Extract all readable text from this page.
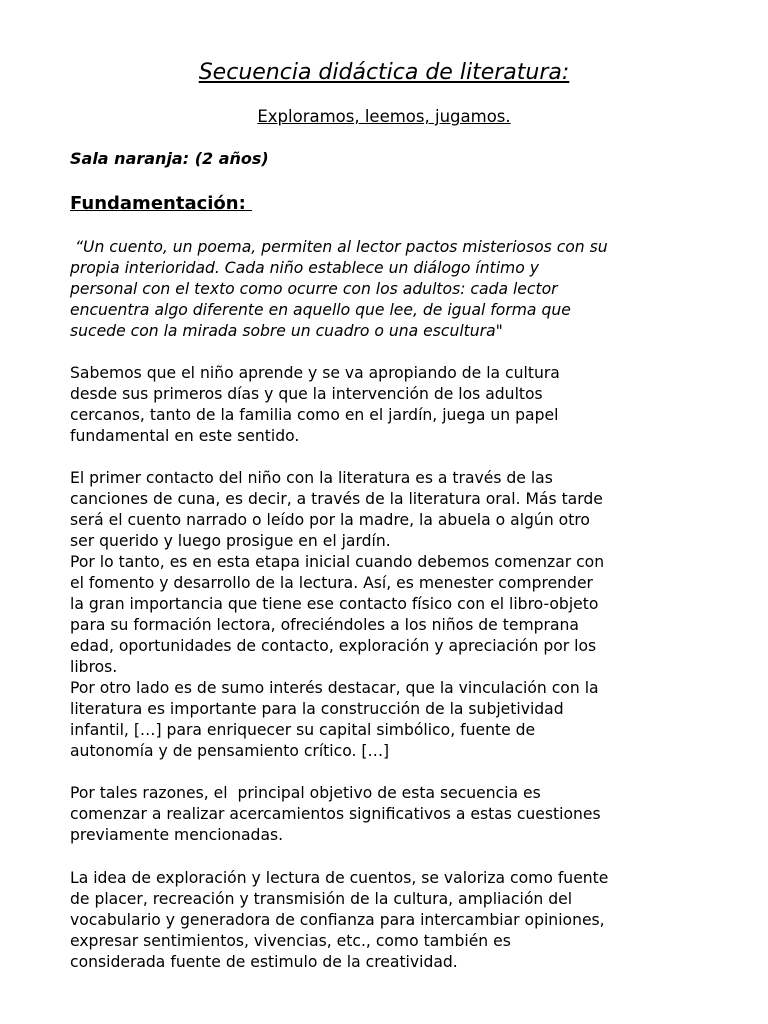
Secuencia didáctica de literatura:
Exploramos, leemos, jugamos.
Sala naranja: (2 años)
Fundamentación:
“Un cuento, un poema, permiten al lector pactos misteriosos con su
propia interioridad. Cada niño establece un diálogo íntimo y
personal con el texto como ocurre con los adultos: cada lector
encuentra algo diferente en aquello que lee, de igual forma que
sucede con la mirada sobre un cuadro o una escultura"
Sabemos que el niño aprende y se va apropiando de la cultura
desde sus primeros días y que la intervención de los adultos
cercanos, tanto de la familia como en el jardín, juega un papel
fundamental en este sentido.
El primer contacto del niño con la literatura es a través de las
canciones de cuna, es decir, a través de la literatura oral. Más tarde
será el cuento narrado o leído por la madre, la abuela o algún otro
ser querido y luego prosigue en el jardín.
Por lo tanto, es en esta etapa inicial cuando debemos comenzar con
el fomento y desarrollo de la lectura. Así, es menester comprender
la gran importancia que tiene ese contacto físico con el libro-objeto
para su formación lectora, ofreciéndoles a los niños de temprana
edad, oportunidades de contacto, exploración y apreciación por los
libros.
Por otro lado es de sumo interés destacar, que la vinculación con la
literatura es importante para la construcción de la subjetividad
infantil, […] para enriquecer su capital simbólico, fuente de
autonomía y de pensamiento crítico. […]
Por tales razones, el  principal objetivo de esta secuencia es
comenzar a realizar acercamientos significativos a estas cuestiones
previamente mencionadas.
La idea de exploración y lectura de cuentos, se valoriza como fuente
de placer, recreación y transmisión de la cultura, ampliación del
vocabulario y generadora de confianza para intercambiar opiniones,
expresar sentimientos, vivencias, etc., como también es
considerada fuente de estimulo de la creatividad.
